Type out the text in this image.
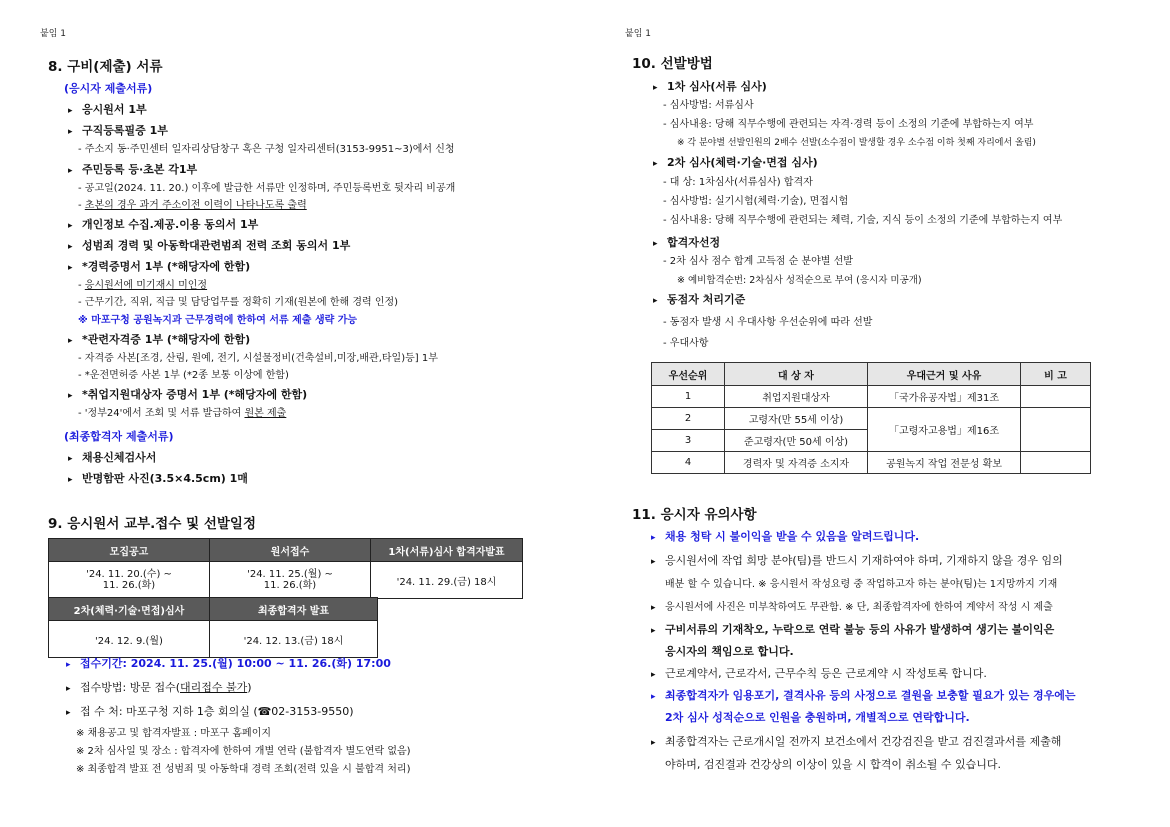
붙임 1
8. 구비(제출) 서류
(응시자 제출서류)
▸ 응시원서 1부
▸ 구직등록필증 1부
- 주소지 동·주민센터 일자리상담창구 혹은 구청 일자리센터(3153-9951~3)에서 신청
▸ 주민등록 등·초본 각1부
- 공고일(2024. 11. 20.) 이후에 발급한 서류만 인정하며, 주민등록번호 뒷자리 비공개
- 초본의 경우 과거 주소이전 이력이 나타나도록 출력
▸ 개인정보 수집.제공.이용 동의서 1부
▸ 성범죄 경력 및 아동학대관련범죄 전력 조회 동의서 1부
▸ *경력증명서 1부 (*해당자에 한함)
- 응시원서에 미기재시 미인정
- 근무기간, 직위, 직급 및 담당업무를 정확히 기재(원본에 한해 경력 인정)
※ 마포구청 공원녹지과 근무경력에 한하여 서류 제출 생략 가능
▸ *관련자격증 1부 (*해당자에 한함)
- 자격증 사본[조경, 산림, 원예, 전기, 시설물정비(건축설비,미장,배관,타일)등] 1부
- *운전면허증 사본 1부 (*2종 보통 이상에 한함)
▸ *취업지원대상자 증명서 1부 (*해당자에 한함)
- '정부24'에서 조회 및 서류 발급하여 원본 제출
(최종합격자 제출서류)
▸ 채용신체검사서
▸ 반명함판 사진(3.5×4.5cm) 1매
9. 응시원서 교부.접수 및 선발일정
모집공고	원서접수	1차(서류)심사 합격자발표
'24. 11. 20.(수) ~
11. 26.(화)	'24. 11. 25.(월) ~
11. 26.(화)	'24. 11. 29.(금) 18시
2차(체력·기술·면접)심사	최종합격자 발표
'24. 12. 9.(월)	'24. 12. 13.(금) 18시
▸ 접수기간: 2024. 11. 25.(월) 10:00 ~ 11. 26.(화) 17:00
▸ 접수방법: 방문 접수(대리접수 불가)
▸ 접 수 처: 마포구청 지하 1층 회의실 (☎02-3153-9550)
※ 채용공고 및 합격자발표 : 마포구 홈페이지
※ 2차 심사일 및 장소 : 합격자에 한하여 개별 연락 (불합격자 별도연락 없음)
※ 최종합격 발표 전 성범죄 및 아동학대 경력 조회(전력 있을 시 불합격 처리)
붙임 1
10. 선발방법
▸ 1차 심사(서류 심사)
- 심사방법: 서류심사
- 심사내용: 당해 직무수행에 관련되는 자격·경력 등이 소정의 기준에 부합하는지 여부
※ 각 분야별 선발인원의 2배수 선발(소수점이 발생할 경우 소수점 이하 첫째 자리에서 올림)
▸ 2차 심사(체력·기술·면접 심사)
- 대 상: 1차심사(서류심사) 합격자
- 심사방법: 실기시험(체력·기술), 면접시험
- 심사내용: 당해 직무수행에 관련되는 체력, 기술, 지식 등이 소정의 기준에 부합하는지 여부
▸ 합격자선정
- 2차 심사 점수 합계 고득점 순 분야별 선발
※ 예비합격순번: 2차심사 성적순으로 부여 (응시자 미공개)
▸ 동점자 처리기준
- 동점자 발생 시 우대사항 우선순위에 따라 선발
- 우대사항
우선순위	대 상 자	우대근거 및 사유	비 고
1	취업지원대상자	「국가유공자법」제31조	
2	고령자(만 55세 이상)	「고령자고용법」제16조	
3	준고령자(만 50세 이상)		
4	경력자 및 자격증 소지자	공원녹지 작업 전문성 확보	
11. 응시자 유의사항
▸ 채용 청탁 시 불이익을 받을 수 있음을 알려드립니다.
▸ 응시원서에 작업 희망 분야(팀)를 반드시 기재하여야 하며, 기재하지 않을 경우 임의
배분 할 수 있습니다. ※ 응시원서 작성요령 중 작업하고자 하는 분야(팀)는 1지망까지 기재
▸ 응시원서에 사진은 미부착하여도 무관함. ※ 단, 최종합격자에 한하여 계약서 작성 시 제출
▸ 구비서류의 기재착오, 누락으로 연락 불능 등의 사유가 발생하여 생기는 불이익은
응시자의 책임으로 합니다.
▸ 근로계약서, 근로각서, 근무수칙 등은 근로계약 시 작성토록 합니다.
▸ 최종합격자가 임용포기, 결격사유 등의 사정으로 결원을 보충할 필요가 있는 경우에는
2차 심사 성적순으로 인원을 충원하며, 개별적으로 연락합니다.
▸ 최종합격자는 근로개시일 전까지 보건소에서 건강검진을 받고 검진결과서를 제출해
야하며, 검진결과 건강상의 이상이 있을 시 합격이 취소될 수 있습니다.
